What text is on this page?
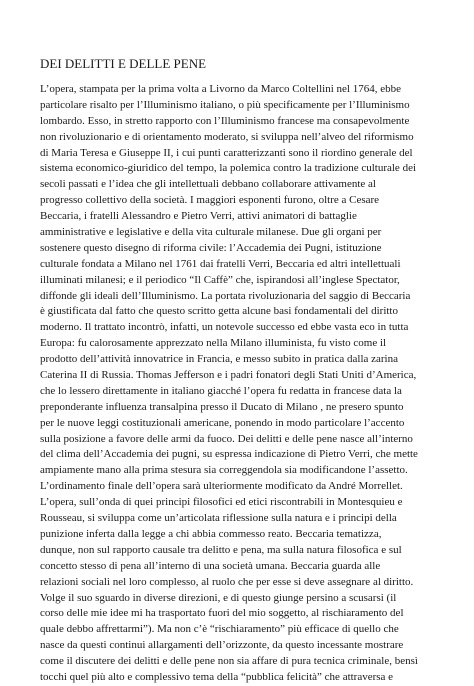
DEI DELITTI E DELLE PENE
L’opera, stampata per la prima volta a Livorno da Marco Coltellini nel 1764, ebbe
particolare risalto per l’Illuminismo italiano, o più specificamente per l’Illuminismo
lombardo. Esso, in stretto rapporto con l’Illuminismo francese ma consapevolmente
non rivoluzionario e di orientamento moderato, si sviluppa nell’alveo del riformismo
di Maria Teresa e Giuseppe II, i cui punti caratterizzanti sono il riordino generale del
sistema economico-giuridico del tempo, la polemica contro la tradizione culturale dei
secoli passati e l’idea che gli intellettuali debbano collaborare attivamente al
progresso collettivo della società. I maggiori esponenti furono, oltre a Cesare
Beccaria, i fratelli Alessandro e Pietro Verri, attivi animatori di battaglie
amministrative e legislative e della vita culturale milanese. Due gli organi per
sostenere questo disegno di riforma civile: l’Accademia dei Pugni, istituzione
culturale fondata a Milano nel 1761 dai fratelli Verri, Beccaria ed altri intellettuali
illuminati milanesi; e il periodico “Il Caffè” che, ispirandosi all’inglese Spectator,
diffonde gli ideali dell’Illuminismo. La portata rivoluzionaria del saggio di Beccaria
è giustificata dal fatto che questo scritto getta alcune basi fondamentali del diritto
moderno. Il trattato incontrò, infatti, un notevole successo ed ebbe vasta eco in tutta
Europa: fu calorosamente apprezzato nella Milano illuminista, fu visto come il
prodotto dell’attività innovatrice in Francia, e messo subito in pratica dalla zarina
Caterina II di Russia. Thomas Jefferson e i padri fonatori degli Stati Uniti d’America,
che lo lessero direttamente in italiano giacché l’opera fu redatta in francese data la
preponderante influenza transalpina presso il Ducato di Milano , ne presero spunto
per le nuove leggi costituzionali americane, ponendo in modo particolare l’accento
sulla posizione a favore delle armi da fuoco. Dei delitti e delle pene nasce all’interno
del clima dell’Accademia dei pugni, su espressa indicazione di Pietro Verri, che mette
ampiamente mano alla prima stesura sia correggendola sia modificandone l’assetto.
L’ordinamento finale dell’opera sarà ulteriormente modificato da André Morrellet.
L’opera, sull’onda di quei principi filosofici ed etici riscontrabili in Montesquieu e
Rousseau, si sviluppa come un’articolata riflessione sulla natura e i principi della
punizione inferta dalla legge a chi abbia commesso reato. Beccaria tematizza,
dunque, non sul rapporto causale tra delitto e pena, ma sulla natura filosofica e sul
concetto stesso di pena all’interno di una società umana. Beccaria guarda alle
relazioni sociali nel loro complesso, al ruolo che per esse si deve assegnare al diritto.
Volge il suo sguardo in diverse direzioni, e di questo giunge persino a scusarsi (il
corso delle mie idee mi ha trasportato fuori del mio soggetto, al rischiaramento del
quale debbo affrettarmi”). Ma non c’è “rischiaramento” più efficace di quello che
nasce da questi continui allargamenti dell’orizzonte, da questo incessante mostrare
come il discutere dei delitti e delle pene non sia affare di pura tecnica criminale, bensì
tocchi quel più alto e complessivo tema della “pubblica felicità” che attraversa e
